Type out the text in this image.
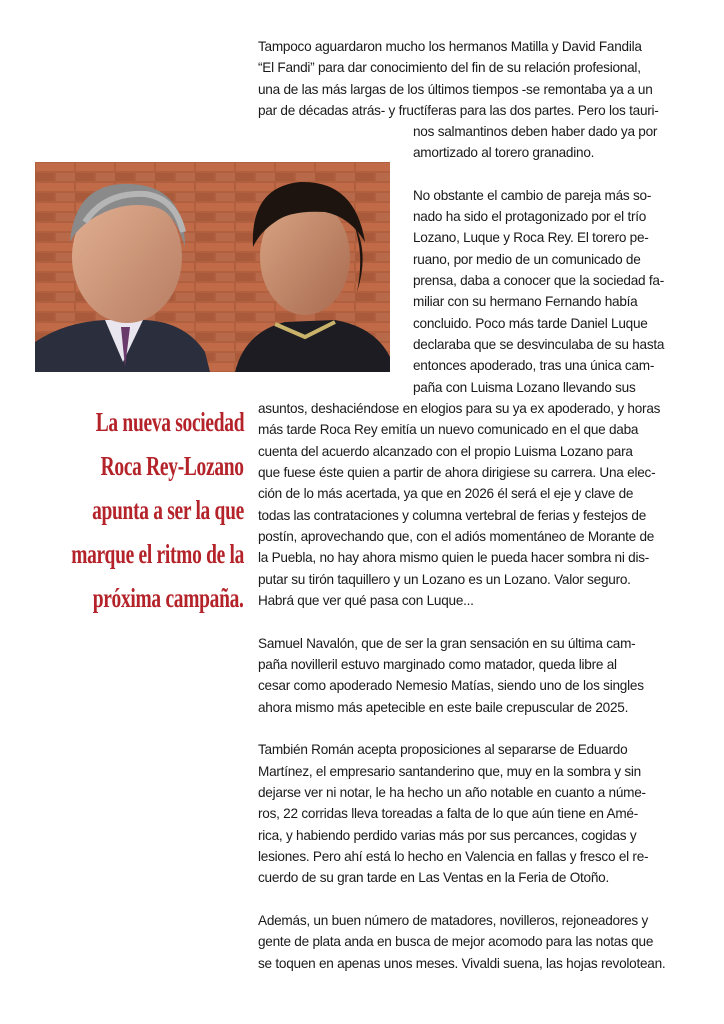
Tampoco aguardaron mucho los hermanos Matilla y David Fandila
“El Fandi” para dar conocimiento del fin de su relación profesional,
una de las más largas de los últimos tiempos -se remontaba ya a un
par de décadas atrás- y fructíferas para las dos partes. Pero los tauri-
nos salmantinos deben haber dado ya por
amortizado al torero granadino.
No obstante el cambio de pareja más so-
nado ha sido el protagonizado por el trío
Lozano, Luque y Roca Rey. El torero pe-
ruano, por medio de un comunicado de
prensa, daba a conocer que la sociedad fa-
miliar con su hermano Fernando había
concluido. Poco más tarde Daniel Luque
declaraba que se desvinculaba de su hasta
entonces apoderado, tras una única cam-
paña con Luisma Lozano llevando sus
asuntos, deshaciéndose en elogios para su ya ex apoderado, y horas
más tarde Roca Rey emitía un nuevo comunicado en el que daba
cuenta del acuerdo alcanzado con el propio Luisma Lozano para
que fuese éste quien a partir de ahora dirigiese su carrera. Una elec-
ción de lo más acertada, ya que en 2026 él será el eje y clave de
todas las contrataciones y columna vertebral de ferias y festejos de
postín, aprovechando que, con el adiós momentáneo de Morante de
la Puebla, no hay ahora mismo quien le pueda hacer sombra ni dis-
putar su tirón taquillero y un Lozano es un Lozano. Valor seguro.
Habrá que ver qué pasa con Luque...
Samuel Navalón, que de ser la gran sensación en su última cam-
paña novilleril estuvo marginado como matador, queda libre al
cesar como apoderado Nemesio Matías, siendo uno de los singles
ahora mismo más apetecible en este baile crepuscular de 2025.
También Román acepta proposiciones al separarse de Eduardo
Martínez, el empresario santanderino que, muy en la sombra y sin
dejarse ver ni notar, le ha hecho un año notable en cuanto a núme-
ros, 22 corridas lleva toreadas a falta de lo que aún tiene en Amé-
rica, y habiendo perdido varias más por sus percances, cogidas y
lesiones. Pero ahí está lo hecho en Valencia en fallas y fresco el re-
cuerdo de su gran tarde en Las Ventas en la Feria de Otoño.
Además, un buen número de matadores, novilleros, rejoneadores y
gente de plata anda en busca de mejor acomodo para las notas que
se toquen en apenas unos meses. Vivaldi suena, las hojas revolotean.
La nueva sociedad
Roca Rey-Lozano
apunta a ser la que
marque el ritmo de la
próxima campaña.
